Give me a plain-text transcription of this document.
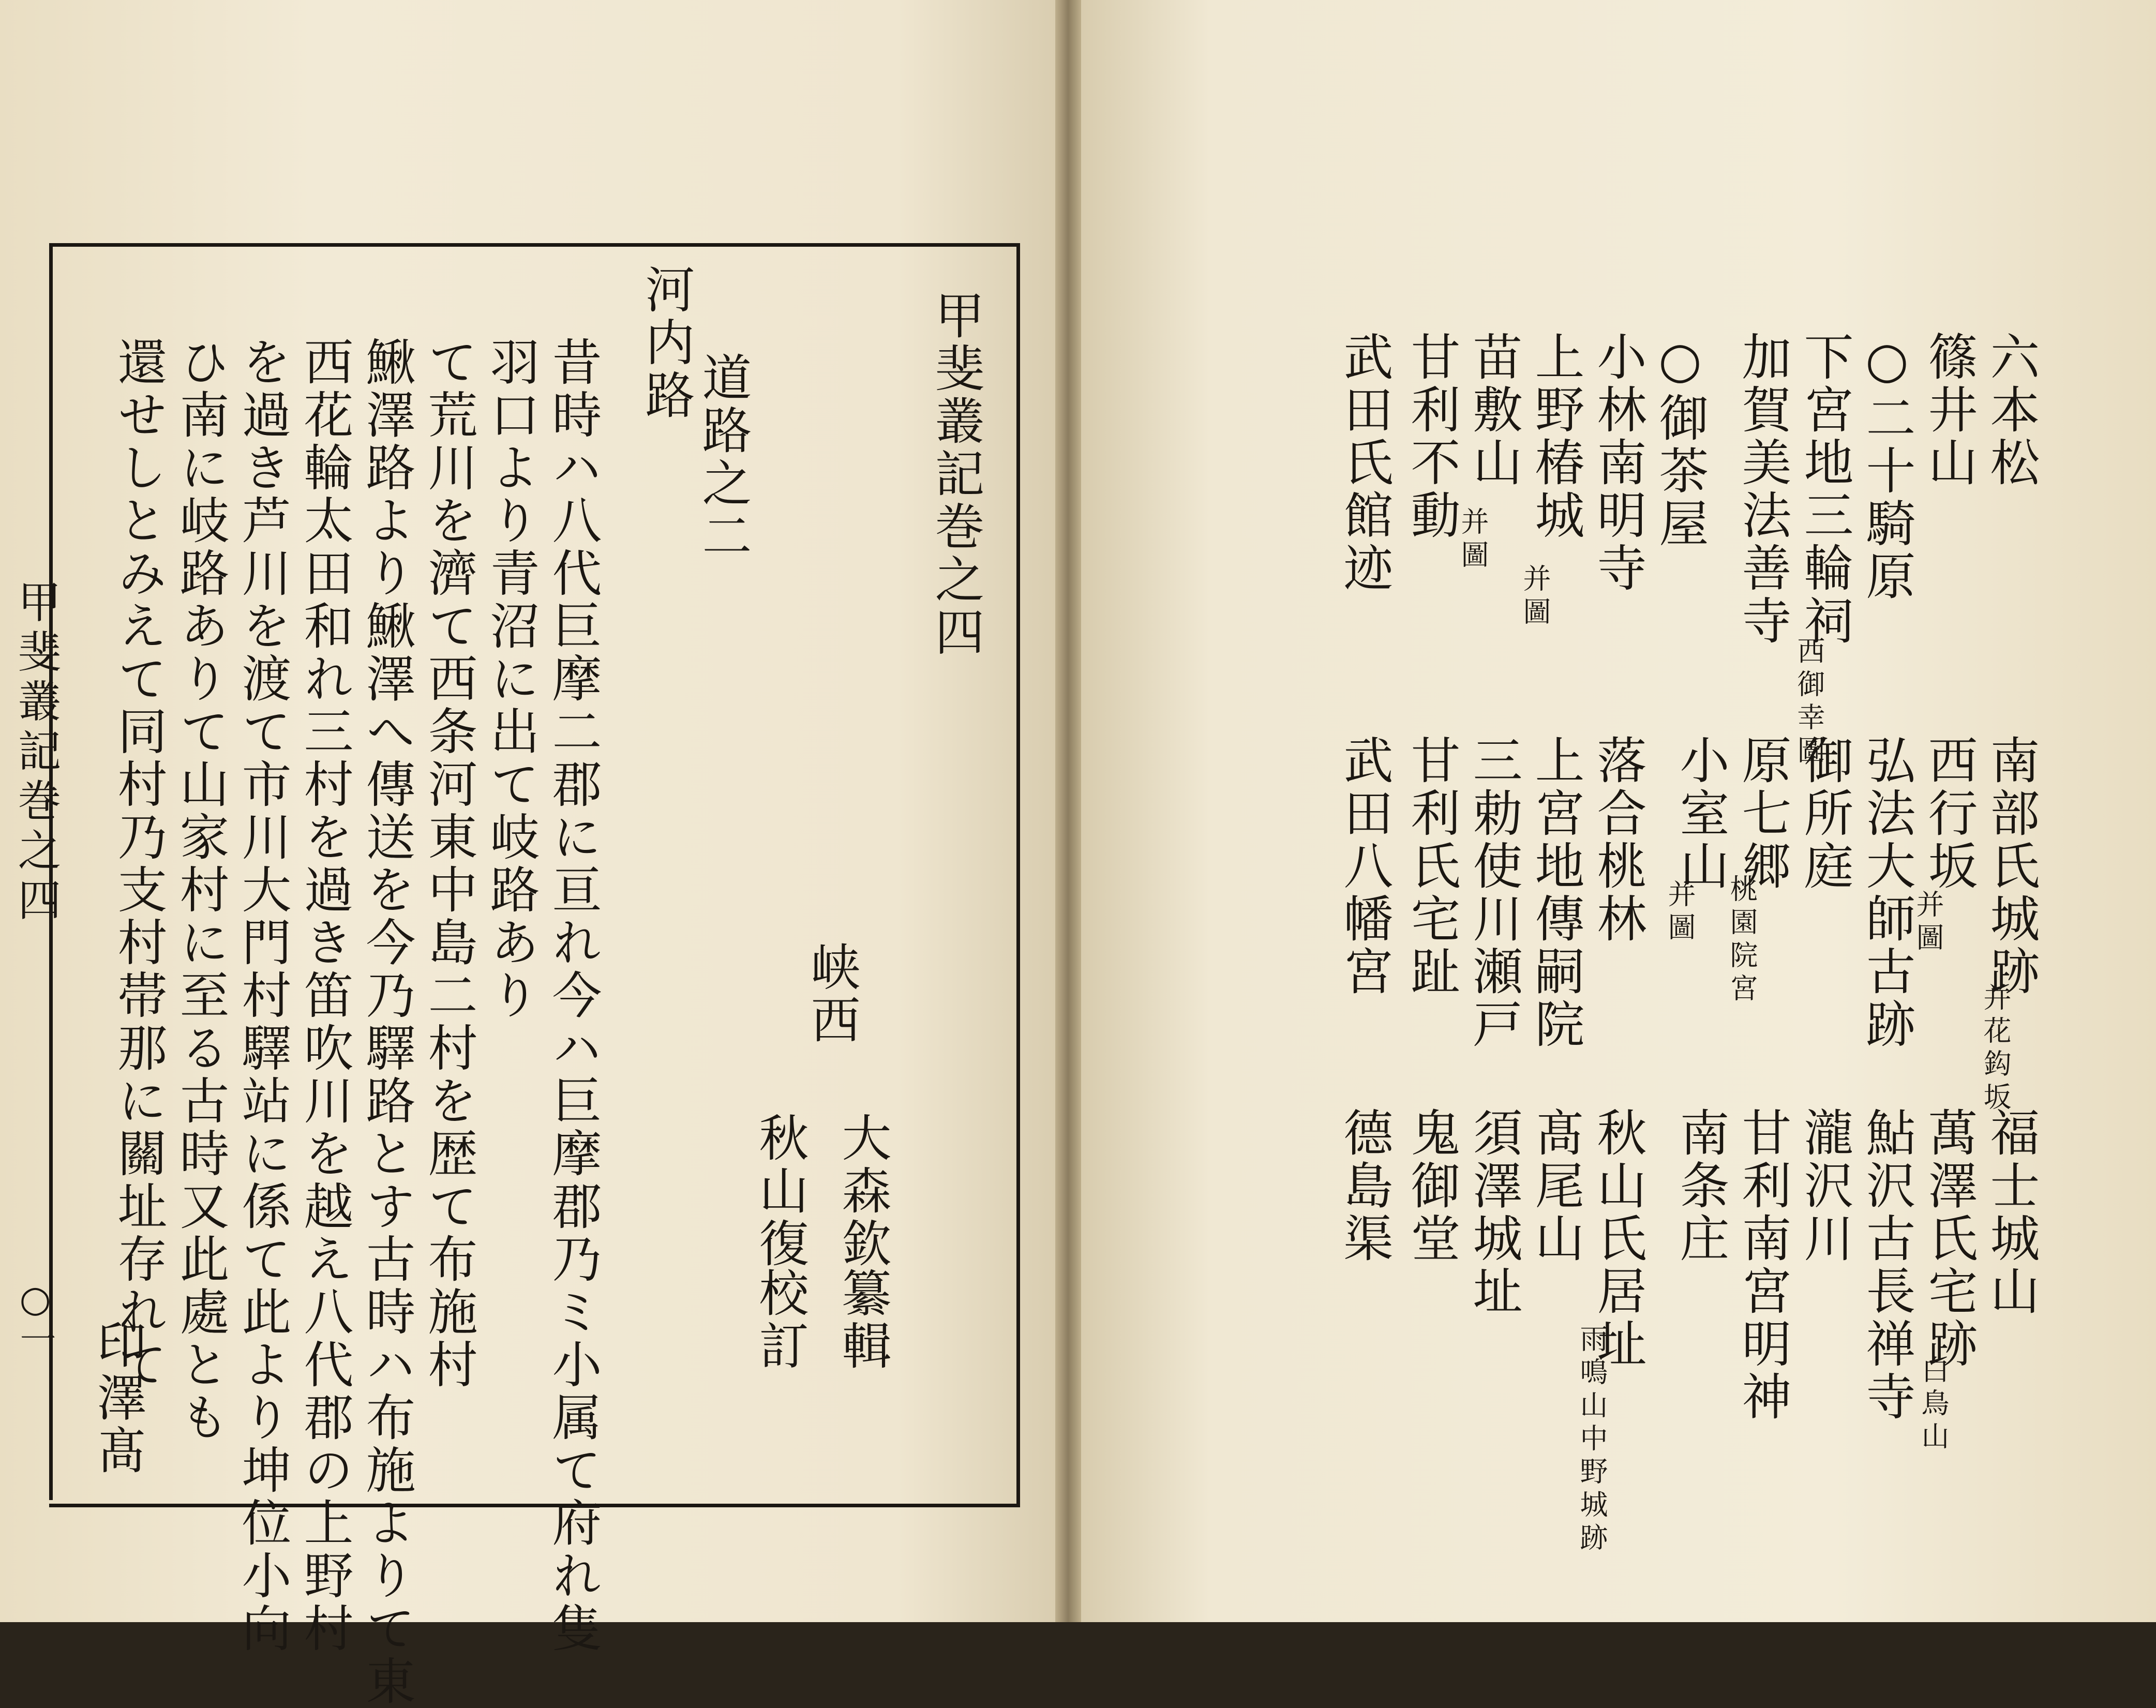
甲斐叢記巻之四
○一
甲斐叢記巻之四
道路之二
河内路
峡西
大森欽
纂輯
秋山復
校訂
昔時ハ八代巨摩二郡に亘れ今ハ巨摩郡乃ミ小属て府れ隻
羽口より青沼に出て岐路あり
て荒川を濟て西条河東中島二村を歴て布施村
鰍澤路より鰍澤へ傳送を今乃驛路とす古時ハ布施よりて東
西花輪太田和れ三村を過き笛吹川を越え八代郡の上野村
を過き芦川を渡て市川大門村驛站に係て此より坤位小向
ひ南に岐路ありて山家村に至る古時又此處とも
還せしとみえて同村乃支村帯那に關址存れて
印澤髙
六本松
篠井山
○二十騎原
下宮地三輪祠
西御幸圖
加賀美法善寺
○御茶屋
小林南明寺
上野椿城
并圖
苗敷山
并圖
甘利不動
武田氏館迹
南部氏城跡
并花鈎坂
西行坂
并圖
弘法大師古跡
御所庭
原七郷
桃園院宮
小室山
并圖
落合桃林
上宮地傳嗣院
三勅使川瀬戸
甘利氏宅趾
武田八幡宮
福士城山
萬澤氏宅跡
白鳥山
鮎沢古長禅寺
瀧沢川
甘利南宮明神
南条庄
秋山氏居址
雨鳴山中野城跡
髙尾山
須澤城址
鬼御堂
德島渠
